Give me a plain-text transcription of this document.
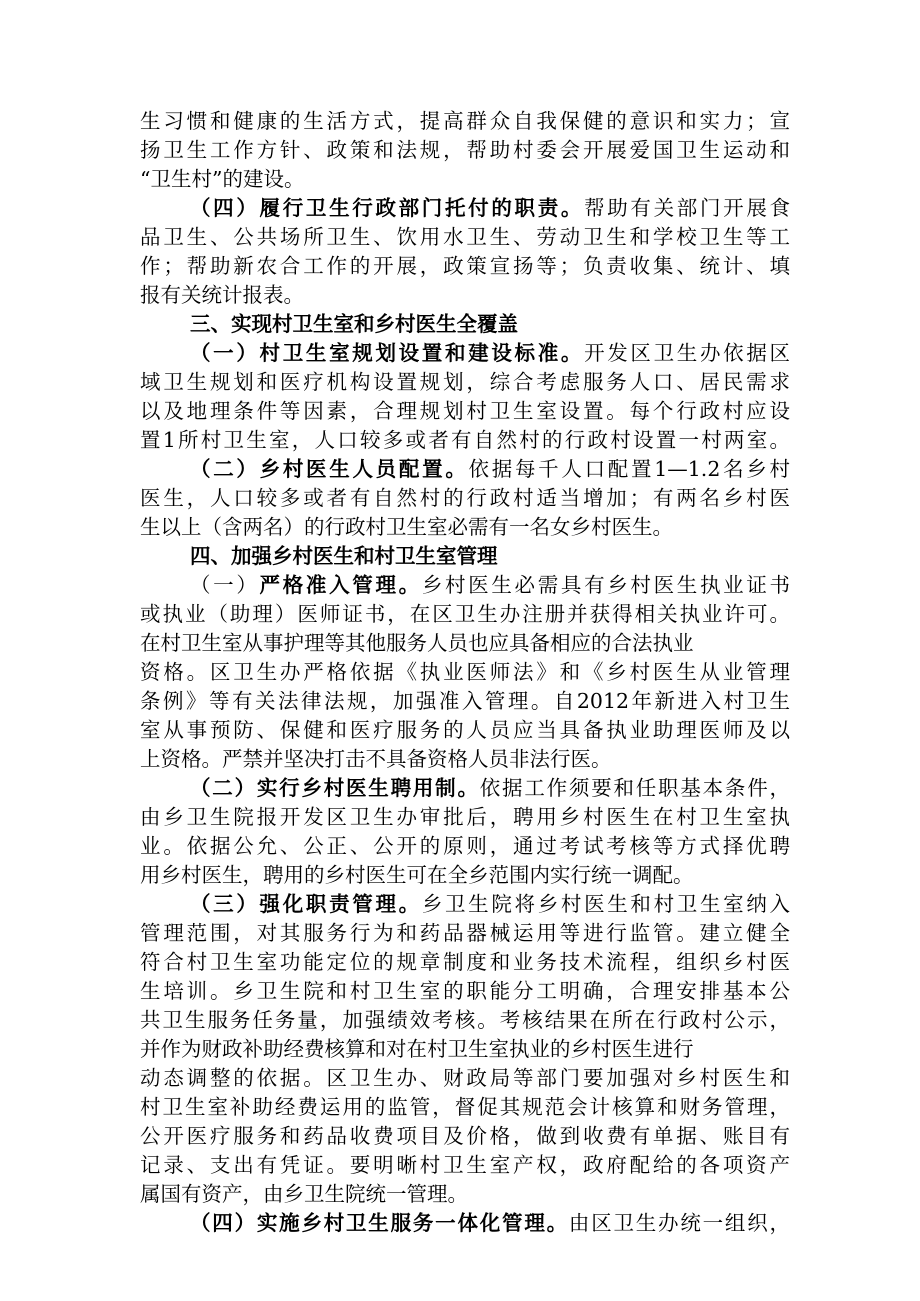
生习惯和健康的生活方式，提高群众自我保健的意识和实力；宣
扬卫生工作方针、政策和法规，帮助村委会开展爱国卫生运动和
“卫生村”的建设。
（四）履行卫生行政部门托付的职责。帮助有关部门开展食
品卫生、公共场所卫生、饮用水卫生、劳动卫生和学校卫生等工
作；帮助新农合工作的开展，政策宣扬等；负责收集、统计、填
报有关统计报表。
三、实现村卫生室和乡村医生全覆盖
（一）村卫生室规划设置和建设标准。开发区卫生办依据区
域卫生规划和医疗机构设置规划，综合考虑服务人口、居民需求
以及地理条件等因素，合理规划村卫生室设置。每个行政村应设
置1所村卫生室，人口较多或者有自然村的行政村设置一村两室。
（二）乡村医生人员配置。依据每千人口配置1—1.2名乡村
医生，人口较多或者有自然村的行政村适当增加；有两名乡村医
生以上（含两名）的行政村卫生室必需有一名女乡村医生。
四、加强乡村医生和村卫生室管理
（一）严格准入管理。乡村医生必需具有乡村医生执业证书
或执业（助理）医师证书，在区卫生办注册并获得相关执业许可。
在村卫生室从事护理等其他服务人员也应具备相应的合法执业
资格。区卫生办严格依据《执业医师法》和《乡村医生从业管理
条例》等有关法律法规，加强准入管理。自2012年新进入村卫生
室从事预防、保健和医疗服务的人员应当具备执业助理医师及以
上资格。严禁并坚决打击不具备资格人员非法行医。
（二）实行乡村医生聘用制。依据工作须要和任职基本条件，
由乡卫生院报开发区卫生办审批后，聘用乡村医生在村卫生室执
业。依据公允、公正、公开的原则，通过考试考核等方式择优聘
用乡村医生，聘用的乡村医生可在全乡范围内实行统一调配。
（三）强化职责管理。乡卫生院将乡村医生和村卫生室纳入
管理范围，对其服务行为和药品器械运用等进行监管。建立健全
符合村卫生室功能定位的规章制度和业务技术流程，组织乡村医
生培训。乡卫生院和村卫生室的职能分工明确，合理安排基本公
共卫生服务任务量，加强绩效考核。考核结果在所在行政村公示，
并作为财政补助经费核算和对在村卫生室执业的乡村医生进行
动态调整的依据。区卫生办、财政局等部门要加强对乡村医生和
村卫生室补助经费运用的监管，督促其规范会计核算和财务管理，
公开医疗服务和药品收费项目及价格，做到收费有单据、账目有
记录、支出有凭证。要明晰村卫生室产权，政府配给的各项资产
属国有资产，由乡卫生院统一管理。
（四）实施乡村卫生服务一体化管理。由区卫生办统一组织，
